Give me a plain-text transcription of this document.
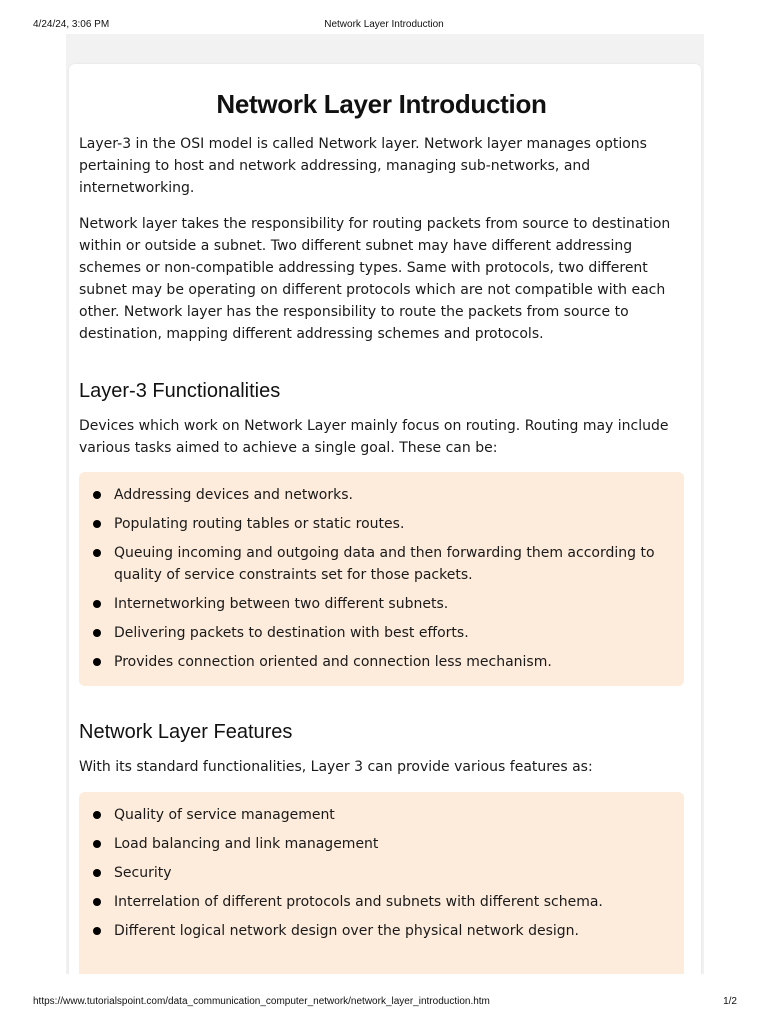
4/24/24, 3:06 PM	Network Layer Introduction
Network Layer Introduction

Layer-3 in the OSI model is called Network layer. Network layer manages options pertaining to host and network addressing, managing sub-networks, and internetworking.

Network layer takes the responsibility for routing packets from source to destination within or outside a subnet. Two different subnet may have different addressing schemes or non-compatible addressing types. Same with protocols, two different subnet may be operating on different protocols which are not compatible with each other. Network layer has the responsibility to route the packets from source to destination, mapping different addressing schemes and protocols.

Layer-3 Functionalities

Devices which work on Network Layer mainly focus on routing. Routing may include various tasks aimed to achieve a single goal. These can be:

Addressing devices and networks.
Populating routing tables or static routes.
Queuing incoming and outgoing data and then forwarding them according to quality of service constraints set for those packets.
Internetworking between two different subnets.
Delivering packets to destination with best efforts.
Provides connection oriented and connection less mechanism.
Network Layer Features

With its standard functionalities, Layer 3 can provide various features as:

Quality of service management
Load balancing and link management
Security
Interrelation of different protocols and subnets with different schema.
Different logical network design over the physical network design.
https://www.tutorialspoint.com/data_communication_computer_network/network_layer_introduction.htm	1/2
